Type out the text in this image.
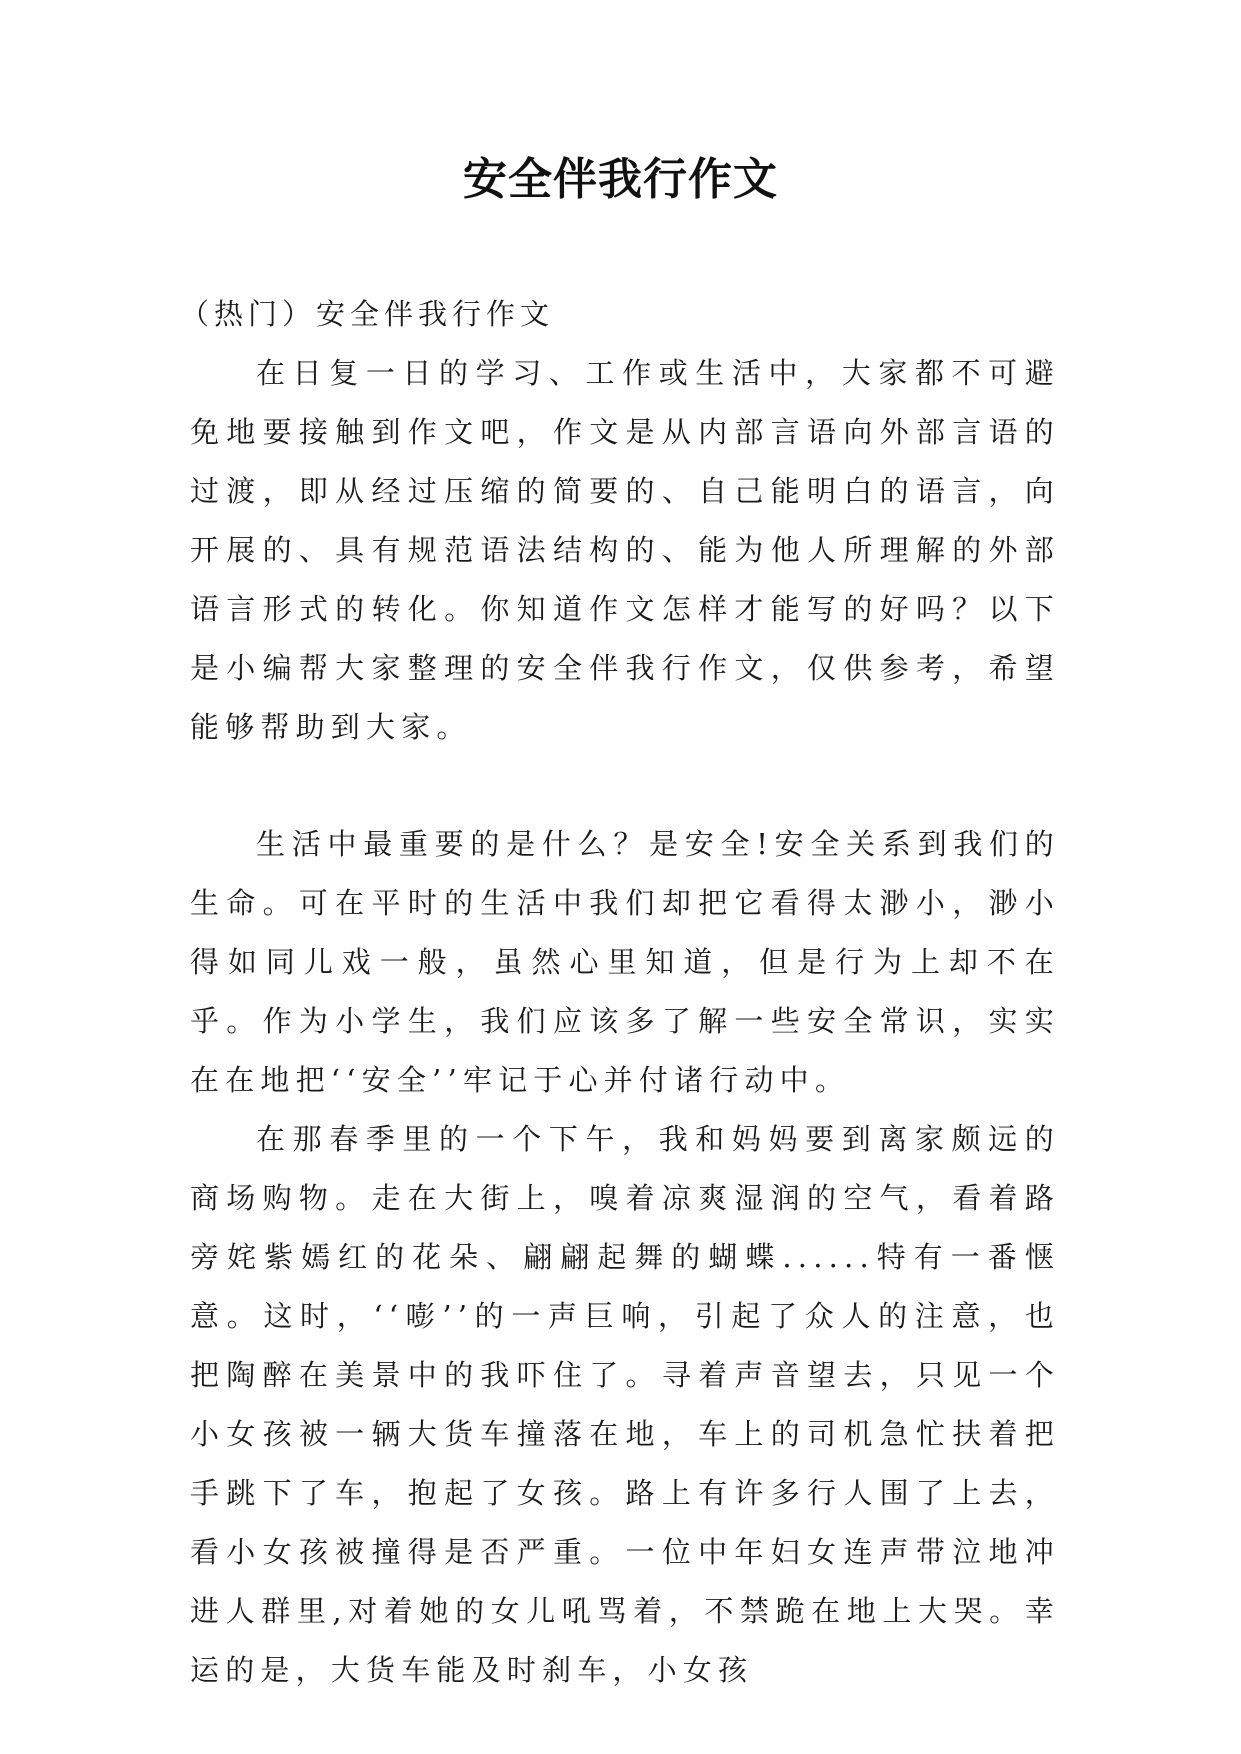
安全伴我行作文

（热门）安全伴我行作文

在日复一日的学习、工作或生活中，大家都不可避免地要接触到作文吧，作文是从内部言语向外部言语的过渡，即从经过压缩的简要的、自己能明白的语言，向开展的、具有规范语法结构的、能为他人所理解的外部语言形式的转化。你知道作文怎样才能写的好吗？以下是小编帮大家整理的安全伴我行作文，仅供参考，希望能够帮助到大家。

生活中最重要的是什么？是安全!安全关系到我们的生命。可在平时的生活中我们却把它看得太渺小，渺小得如同儿戏一般，虽然心里知道，但是行为上却不在乎。作为小学生，我们应该多了解一些安全常识，实实在在地把‘‘安全’’牢记于心并付诸行动中。

在那春季里的一个下午，我和妈妈要到离家颇远的商场购物。走在大街上，嗅着凉爽湿润的空气，看着路旁姹紫嫣红的花朵、翩翩起舞的蝴蝶......特有一番惬意。这时，‘‘嘭’’的一声巨响，引起了众人的注意，也把陶醉在美景中的我吓住了。寻着声音望去，只见一个小女孩被一辆大货车撞落在地，车上的司机急忙扶着把手跳下了车，抱起了女孩。路上有许多行人围了上去，看小女孩被撞得是否严重。一位中年妇女连声带泣地冲进人群里,对着她的女儿吼骂着，不禁跪在地上大哭。幸运的是，大货车能及时刹车，小女孩
